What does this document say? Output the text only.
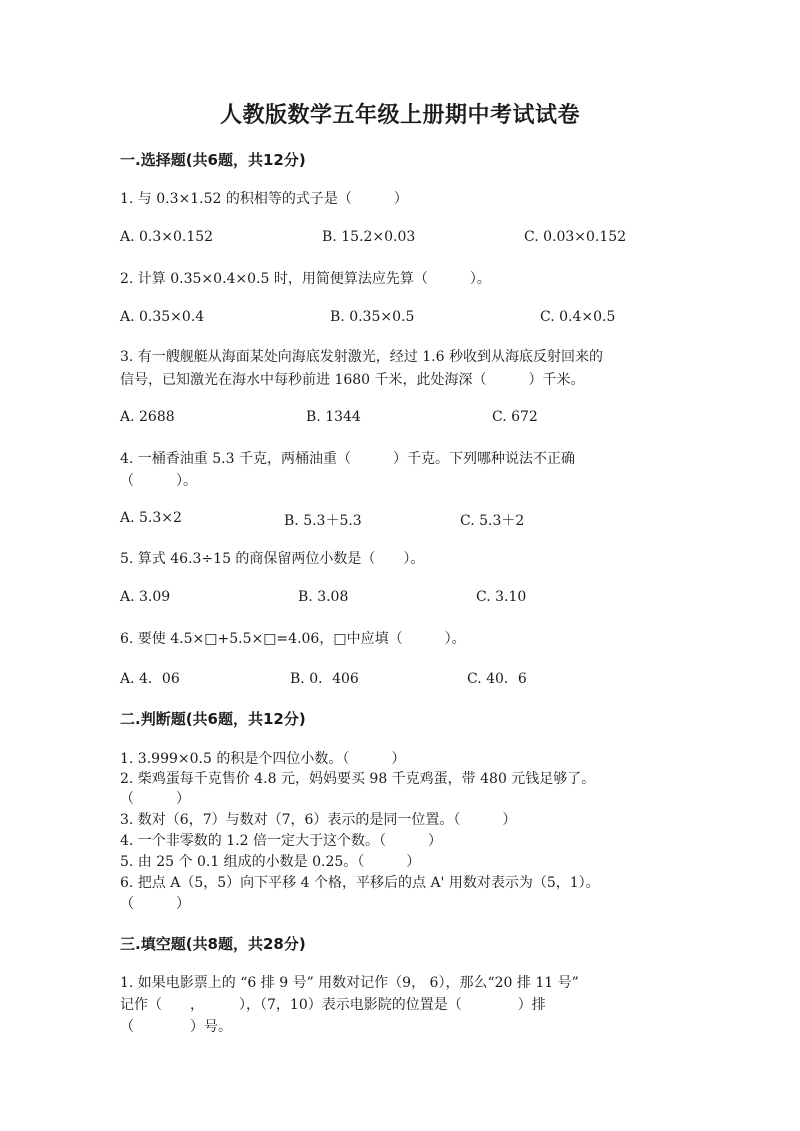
人教版数学五年级上册期中考试试卷
一.选择题(共6题，共12分)
1. 与 0.3×1.52 的积相等的式子是（　　　）
A. 0.3×0.152	B. 15.2×0.03	C. 0.03×0.152
2. 计算 0.35×0.4×0.5 时，用简便算法应先算（　　　）。
A. 0.35×0.4	B. 0.35×0.5	C. 0.4×0.5
3. 有一艘舰艇从海面某处向海底发射激光，经过 1.6 秒收到从海底反射回来的
信号，已知激光在海水中每秒前进 1680 千米，此处海深（　　　）千米。
A. 2688	B. 1344	C. 672
4. 一桶香油重 5.3 千克，两桶油重（　　　）千克。下列哪种说法不正确
（　　　）。
A. 5.3×2	B. 5.3＋5.3	C. 5.3＋2
5. 算式 46.3÷15 的商保留两位小数是（　　）。
A. 3.09	B. 3.08	C. 3.10
6. 要使 4.5×□+5.5×□=4.06，□中应填（　　　）。
A. 4．06	B. 0．406	C. 40．6
二.判断题(共6题，共12分)
1. 3.999×0.5 的积是个四位小数。（　　　）
2. 柴鸡蛋每千克售价 4.8 元，妈妈要买 98 千克鸡蛋，带 480 元钱足够了。
（　　　）
3. 数对（6，7）与数对（7，6）表示的是同一位置。（　　　）
4. 一个非零数的 1.2 倍一定大于这个数。（　　　）
5. 由 25 个 0.1 组成的小数是 0.25。（　　　）
6. 把点 A（5，5）向下平移 4 个格，平移后的点 A' 用数对表示为（5，1）。
（　　　）
三.填空题(共8题，共28分)
1. 如果电影票上的 “6 排 9 号” 用数对记作（9， 6），那么“20 排 11 号”
记作（　　，　　　），（7，10）表示电影院的位置是（　　　　）排
（　　　　）号。
